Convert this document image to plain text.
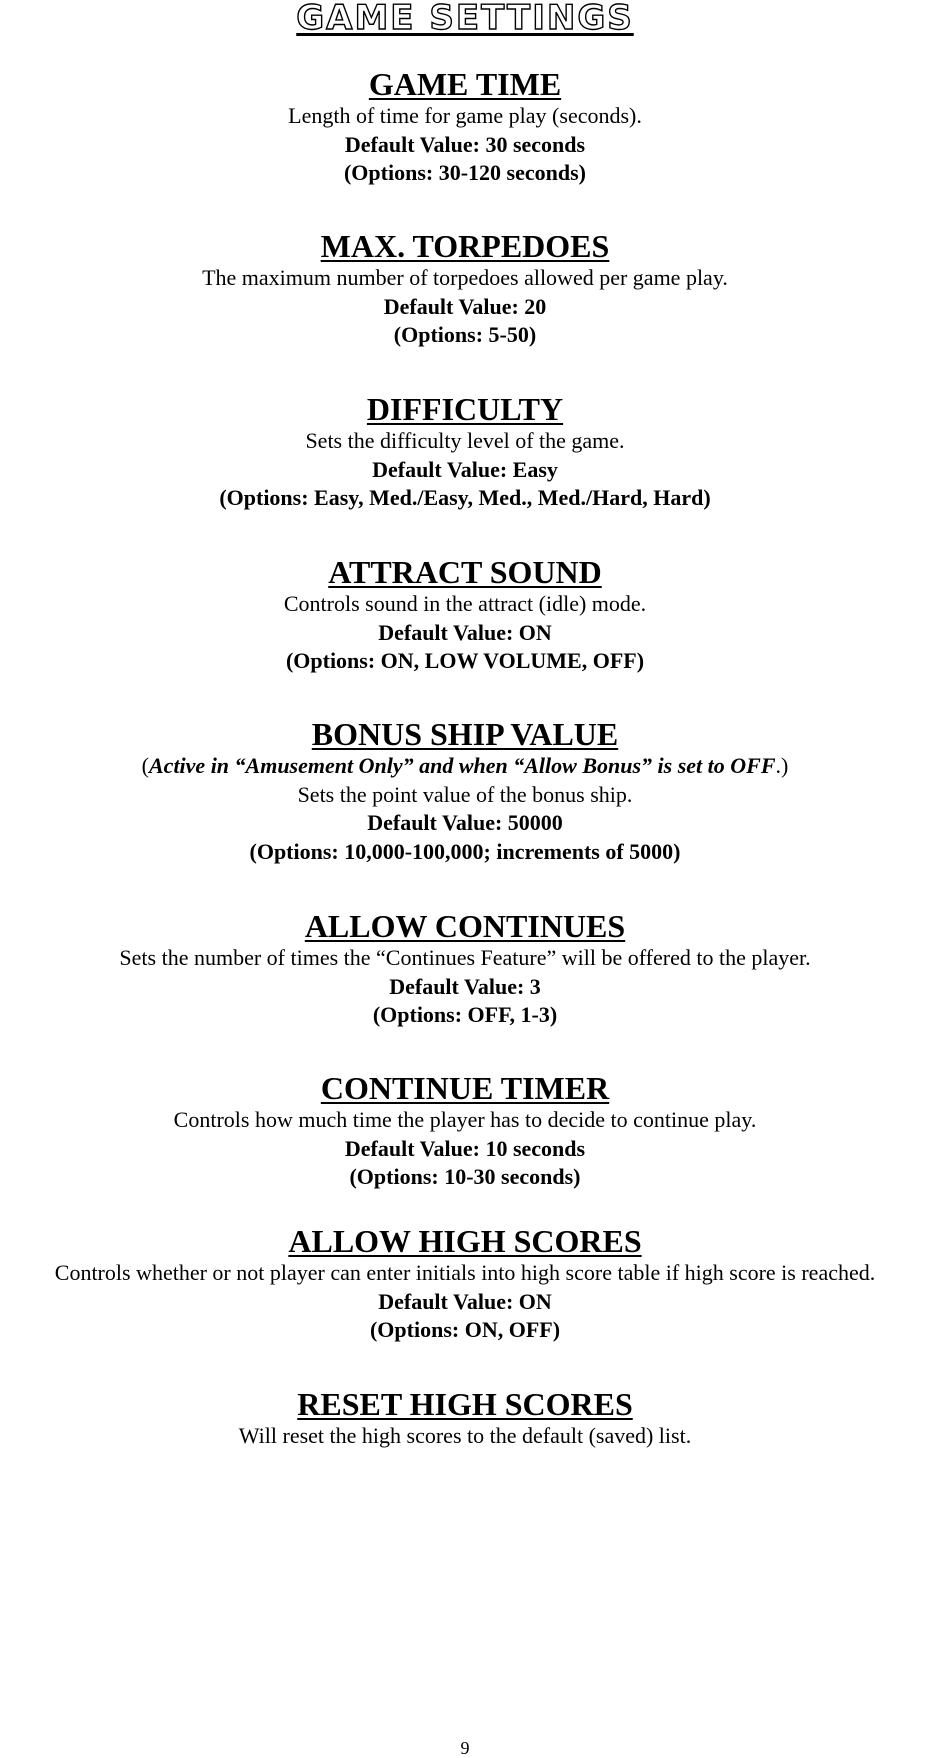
GAME SETTINGS
GAME TIME
Length of time for game play (seconds).
Default Value: 30 seconds
(Options: 30-120 seconds)
MAX. TORPEDOES
The maximum number of torpedoes allowed per game play.
Default Value: 20
(Options: 5-50)
DIFFICULTY
Sets the difficulty level of the game.
Default Value: Easy
(Options: Easy, Med./Easy, Med., Med./Hard, Hard)
ATTRACT SOUND
Controls sound in the attract (idle) mode.
Default Value: ON
(Options: ON, LOW VOLUME, OFF)
BONUS SHIP VALUE
(Active in “Amusement Only” and when “Allow Bonus” is set to OFF.)
Sets the point value of the bonus ship.
Default Value: 50000
(Options: 10,000-100,000; increments of 5000)
ALLOW CONTINUES
Sets the number of times the “Continues Feature” will be offered to the player.
Default Value: 3
(Options: OFF, 1-3)
CONTINUE TIMER
Controls how much time the player has to decide to continue play.
Default Value: 10 seconds
(Options: 10-30 seconds)
ALLOW HIGH SCORES
Controls whether or not player can enter initials into high score table if high score is reached.
Default Value: ON
(Options: ON, OFF)
RESET HIGH SCORES
Will reset the high scores to the default (saved) list.
9
